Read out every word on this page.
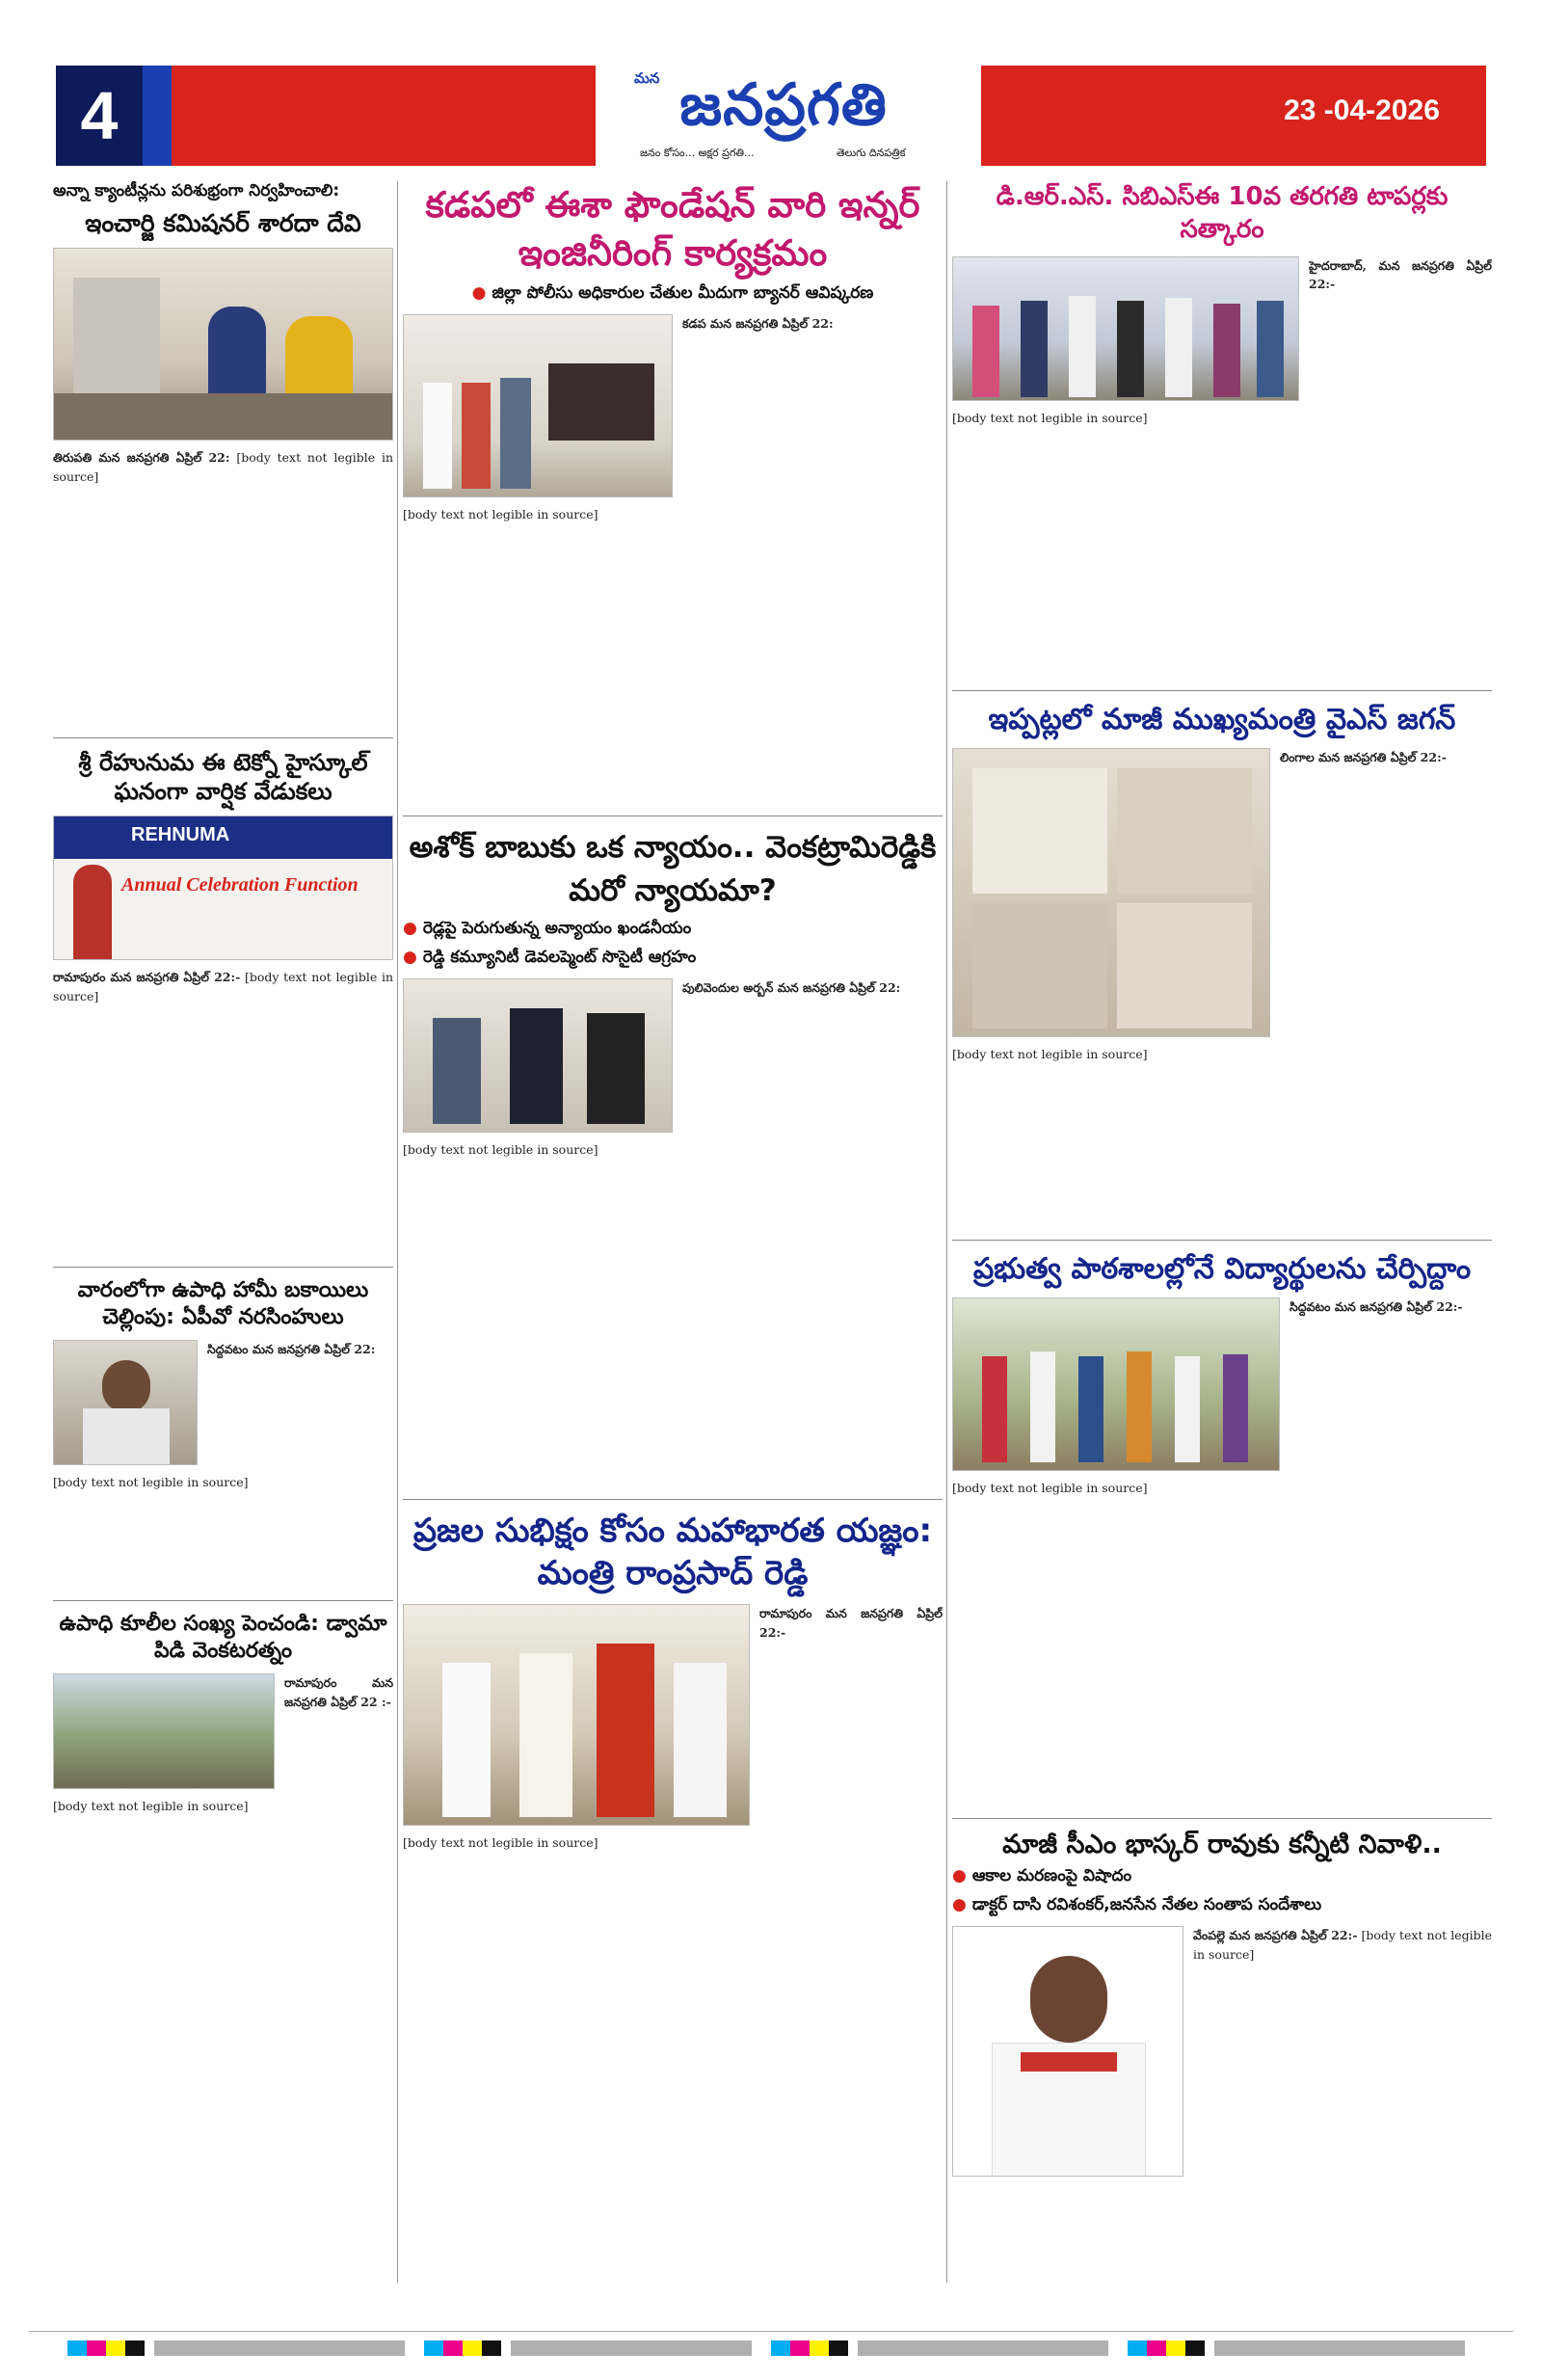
4	మన జనప్రగతి
జనం కోసం... అక్షర ప్రగతి...	తెలుగు దినపత్రిక
23 -04-2026
అన్నా క్యాంటీన్లను పరిశుభ్రంగా నిర్వహించాలి:
ఇంచార్జి కమిషనర్ శారదా దేవి
తిరుపతి మన జనప్రగతి ఏప్రిల్ 22: [body text not legible in source]
శ్రీ రేహునుమ ఈ టెక్నో హైస్కూల్ ఘనంగా వార్షిక వేడుకలు
REHNUMA
Annual Celebration Function
రామాపురం మన జనప్రగతి ఏప్రిల్ 22:- [body text not legible in source]
వారంలోగా ఉపాధి హామీ బకాయిలు చెల్లింపు: ఏపీవో నరసింహులు
సిద్దవటం మన జనప్రగతి ఏప్రిల్ 22:
[body text not legible in source]
ఉపాధి కూలీల సంఖ్య పెంచండి: డ్వామా పిడి వెంకటరత్నం
రామాపురం మన జనప్రగతి ఏప్రిల్ 22 :-
[body text not legible in source]
కడపలో ఈశా ఫౌండేషన్ వారి ఇన్నర్ ఇంజినీరింగ్ కార్యక్రమం
● జిల్లా పోలీసు అధికారుల చేతుల మీదుగా బ్యానర్ ఆవిష్కరణ
కడప మన జనప్రగతి ఏప్రిల్ 22:
[body text not legible in source]
అశోక్ బాబుకు ఒక న్యాయం.. వెంకట్రామిరెడ్డికి మరో న్యాయమా?
● రెడ్లపై పెరుగుతున్న అన్యాయం ఖండనీయం
● రెడ్డి కమ్యూనిటీ డెవలప్మెంట్ సొసైటీ ఆగ్రహం
పులివెందుల అర్బన్ మన జనప్రగతి ఏప్రిల్ 22:
[body text not legible in source]
ప్రజల సుభిక్షం కోసం మహాభారత యజ్ఞం: మంత్రి రాంప్రసాద్ రెడ్డి
రామాపురం మన జనప్రగతి ఏప్రిల్ 22:-
[body text not legible in source]
డి.ఆర్.ఎస్. సిబిఎస్ఈ 10వ తరగతి టాపర్లకు సత్కారం
హైదరాబాద్, మన జనప్రగతి ఏప్రిల్ 22:-
[body text not legible in source]
ఇప్పట్లలో మాజీ ముఖ్యమంత్రి వైఎస్ జగన్
లింగాల మన జనప్రగతి ఏప్రిల్ 22:-
[body text not legible in source]
ప్రభుత్వ పాఠశాలల్లోనే విద్యార్థులను చేర్పిద్దాం
సిద్దవటం మన జనప్రగతి ఏప్రిల్ 22:-
[body text not legible in source]
మాజీ సీఎం భాస్కర్ రావుకు కన్నీటి నివాళి..
● ఆకాల మరణంపై విషాదం
● డాక్టర్ దాసి రవిశంకర్,జనసేన నేతల సంతాప సందేశాలు
వేంపల్లె మన జనప్రగతి ఏప్రిల్ 22:- [body text not legible in source]
